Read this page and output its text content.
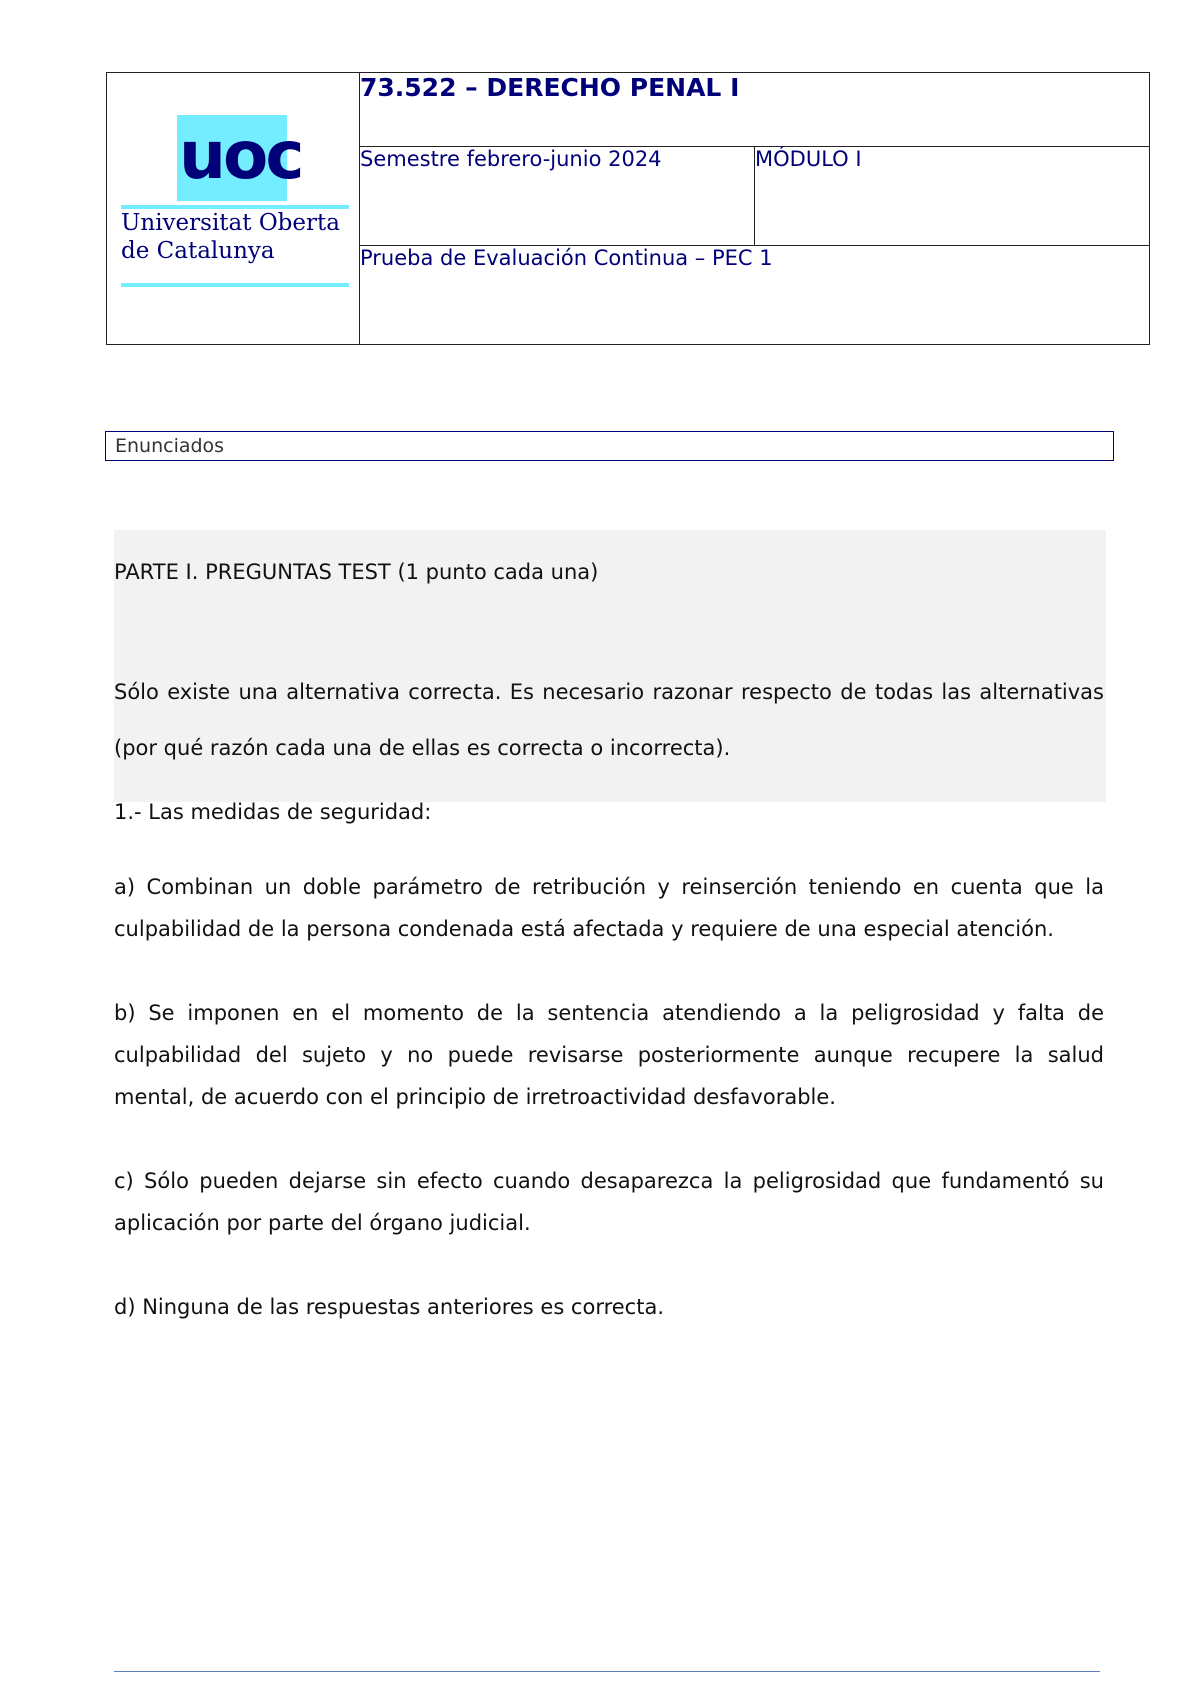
uoc
Universitat Oberta
de Catalunya	73.522 – DERECHO PENAL I	
	Semestre febrero-junio 2024	MÓDULO I
	Prueba de Evaluación Continua – PEC 1	
Enunciados
PARTE I. PREGUNTAS TEST (1 punto cada una)
Sólo existe una alternativa correcta. Es necesario razonar respecto de todas las alternativas (por qué razón cada una de ellas es correcta o incorrecta).
1.- Las medidas de seguridad:
a) Combinan un doble parámetro de retribución y reinserción teniendo en cuenta que la culpabilidad de la persona condenada está afectada y requiere de una especial atención.
b) Se imponen en el momento de la sentencia atendiendo a la peligrosidad y falta de culpabilidad del sujeto y no puede revisarse posteriormente aunque recupere la salud mental, de acuerdo con el principio de irretroactividad desfavorable.
c) Sólo pueden dejarse sin efecto cuando desaparezca la peligrosidad que fundamentó su aplicación por parte del órgano judicial.
d) Ninguna de las respuestas anteriores es correcta.
